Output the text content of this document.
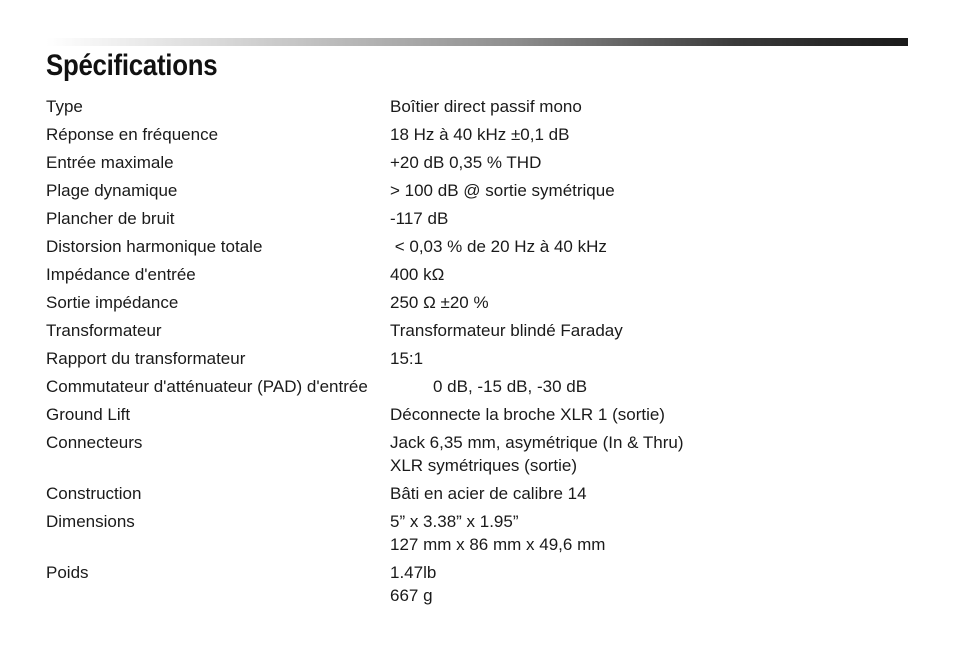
Spécifications
Type	Boîtier direct passif mono
Réponse en fréquence	18 Hz à 40 kHz ±0,1 dB
Entrée maximale	+20 dB 0,35 % THD
Plage dynamique	> 100 dB @ sortie symétrique
Plancher de bruit	-117 dB
Distorsion harmonique totale	< 0,03 % de 20 Hz à 40 kHz
Impédance d'entrée	400 kΩ
Sortie impédance	250 Ω ±20 %
Transformateur	Transformateur blindé Faraday
Rapport du transformateur	15:1
Commutateur d'atténuateur (PAD) d'entrée	0 dB, -15 dB, -30 dB
Ground Lift	Déconnecte la broche XLR 1 (sortie)
Connecteurs	Jack 6,35 mm, asymétrique (In & Thru)
XLR symétriques (sortie)
Construction	Bâti en acier de calibre 14
Dimensions	5” x 3.38” x 1.95”
127 mm x 86 mm x 49,6 mm
Poids	1.47lb
667 g
